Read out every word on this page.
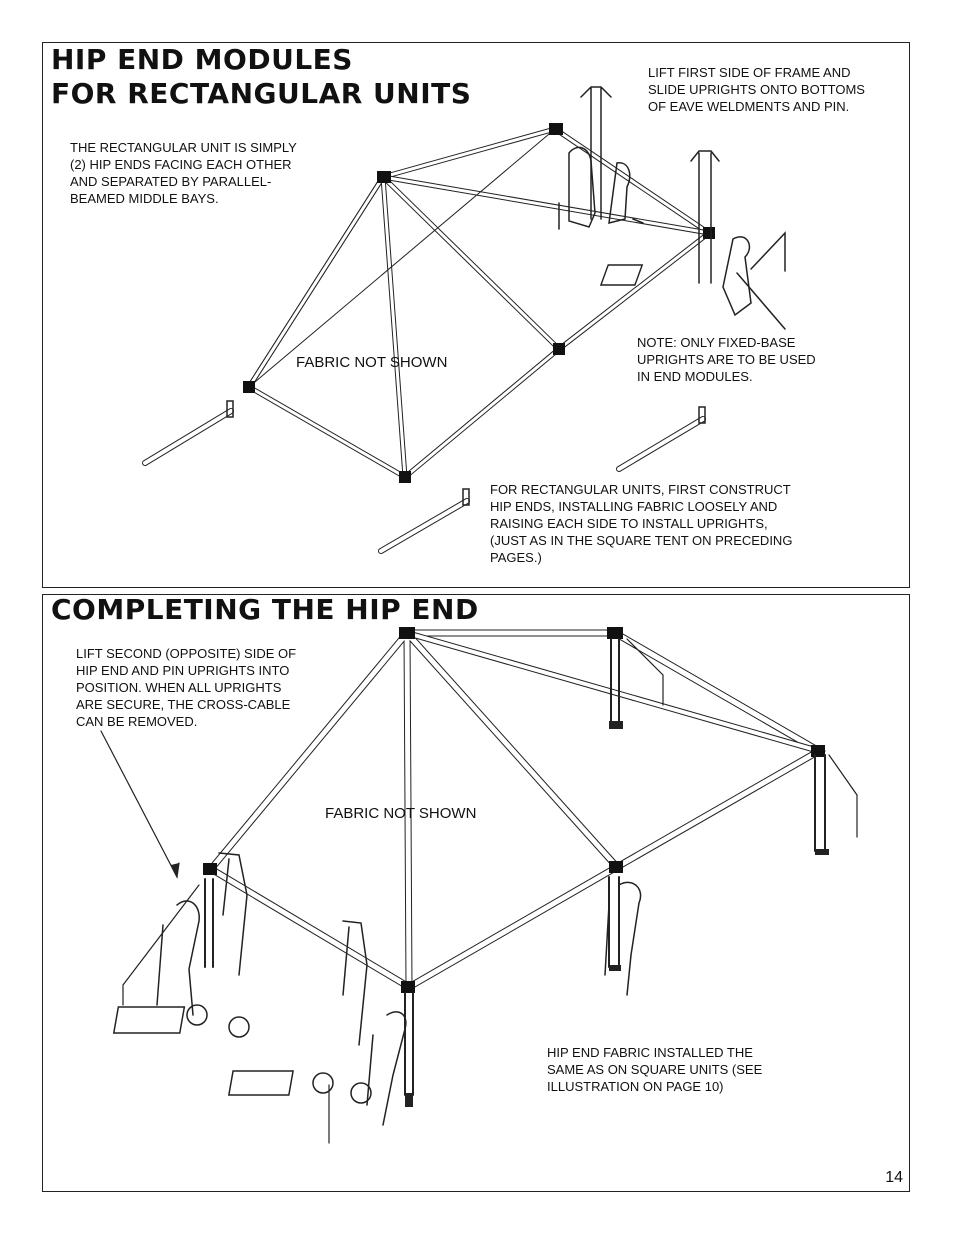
HIP END MODULES
FOR RECTANGULAR UNITS

THE RECTANGULAR UNIT IS SIMPLY
(2) HIP ENDS FACING EACH OTHER
AND SEPARATED BY PARALLEL-
BEAMED MIDDLE BAYS.

LIFT FIRST SIDE OF FRAME AND
SLIDE UPRIGHTS ONTO BOTTOMS
OF EAVE WELDMENTS AND PIN.

NOTE: ONLY FIXED-BASE
UPRIGHTS ARE TO BE USED
IN END MODULES.

FOR RECTANGULAR UNITS, FIRST CONSTRUCT
HIP ENDS, INSTALLING FABRIC LOOSELY AND
RAISING EACH SIDE TO INSTALL UPRIGHTS,
(JUST AS IN THE SQUARE TENT ON PRECEDING
PAGES.)

FABRIC NOT SHOWN

COMPLETING THE HIP END

LIFT SECOND (OPPOSITE) SIDE OF
HIP END AND PIN UPRIGHTS INTO
POSITION. WHEN ALL UPRIGHTS
ARE SECURE, THE CROSS-CABLE
CAN BE REMOVED.

FABRIC NOT SHOWN

HIP END FABRIC INSTALLED THE
SAME AS ON SQUARE UNITS (SEE
ILLUSTRATION ON PAGE 10)

14
